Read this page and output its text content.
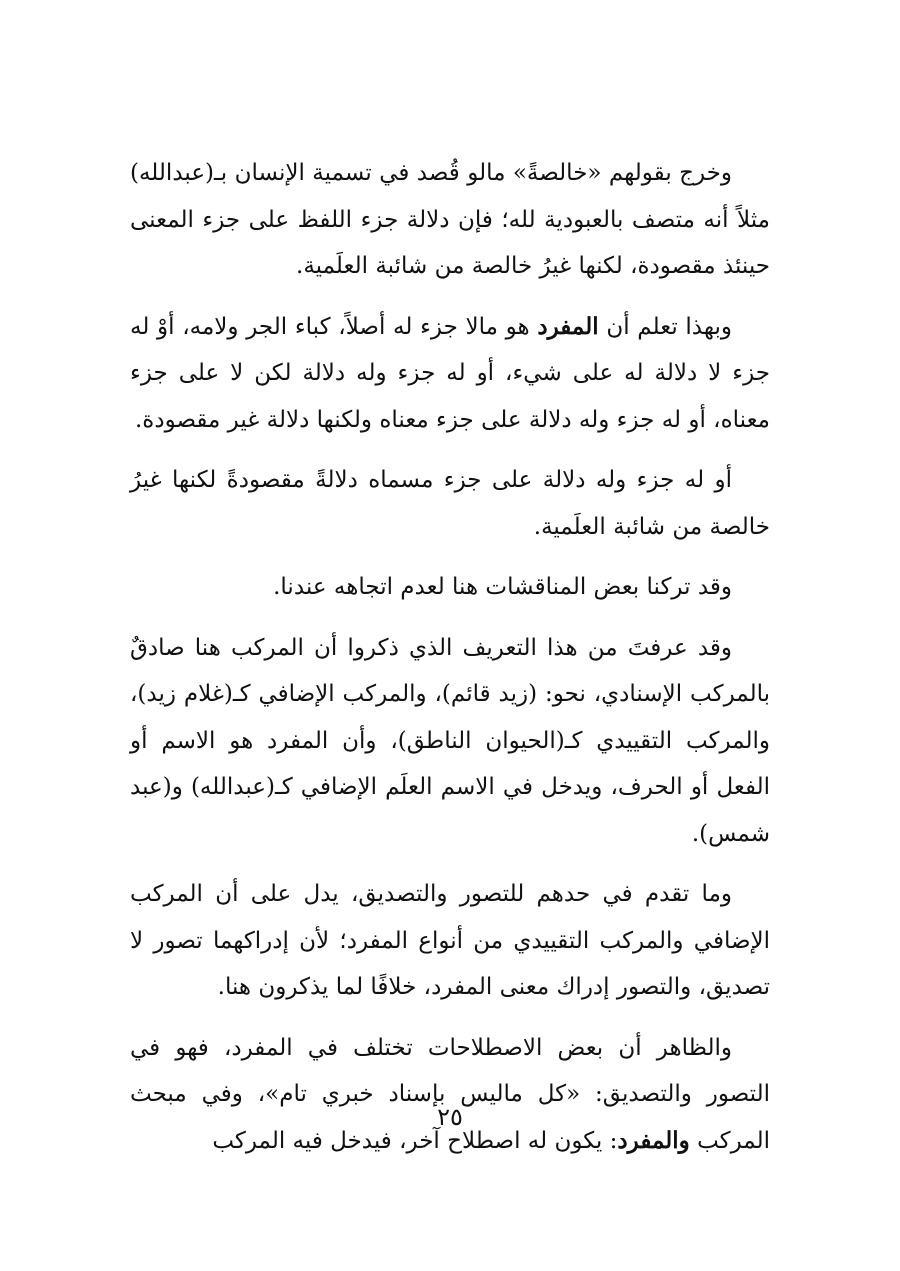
وخرج بقولهم «خالصةً» مالو قُصد في تسمية الإنسان بـ(عبدالله) مثلاً أنه متصف بالعبودية لله؛ فإن دلالة جزء اللفظ على جزء المعنى حينئذ مقصودة، لكنها غيرُ خالصة من شائبة العلَمية.

وبهذا تعلم أن المفرد هو مالا جزء له أصلاً، كباء الجر ولامه، أوْ له جزء لا دلالة له على شيء، أو له جزء وله دلالة لكن لا على جزء معناه، أو له جزء وله دلالة على جزء معناه ولكنها دلالة غير مقصودة.

أو له جزء وله دلالة على جزء مسماه دلالةً مقصودةً لكنها غيرُ خالصة من شائبة العلَمية.

وقد تركنا بعض المناقشات هنا لعدم اتجاهه عندنا.

وقد عرفتَ من هذا التعريف الذي ذكروا أن المركب هنا صادقٌ بالمركب الإسنادي، نحو: (زيد قائم)، والمركب الإضافي كـ(غلام زيد)، والمركب التقييدي كـ(الحيوان الناطق)، وأن المفرد هو الاسم أو الفعل أو الحرف، ويدخل في الاسم العلَم الإضافي كـ(عبدالله) و(عبد شمس).

وما تقدم في حدهم للتصور والتصديق، يدل على أن المركب الإضافي والمركب التقييدي من أنواع المفرد؛ لأن إدراكهما تصور لا تصديق، والتصور إدراك معنى المفرد، خلافًا لما يذكرون هنا.

والظاهر أن بعض الاصطلاحات تختلف في المفرد، فهو في التصور والتصديق: «كل ماليس بإسناد خبري تام»، وفي مبحث المركب والمفرد: يكون له اصطلاح آخر، فيدخل فيه المركب

٢٥
